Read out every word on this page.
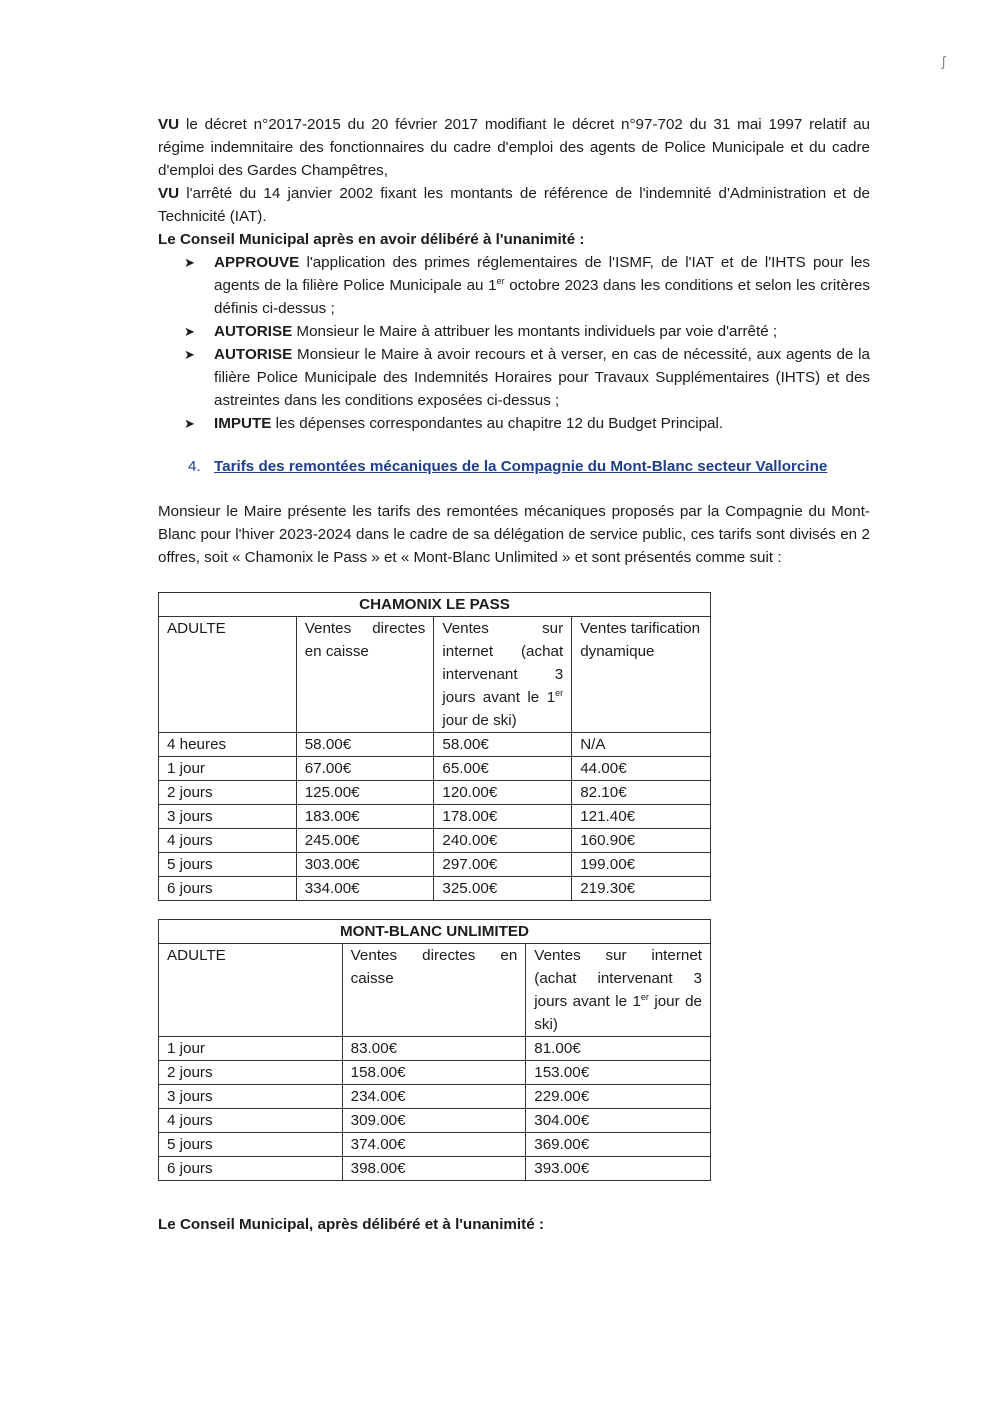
ʃ

VU le décret n°2017-2015 du 20 février 2017 modifiant le décret n°97-702 du 31 mai 1997 relatif au régime indemnitaire des fonctionnaires du cadre d'emploi des agents de Police Municipale et du cadre d'emploi des Gardes Champêtres,

VU l'arrêté du 14 janvier 2002 fixant les montants de référence de l'indemnité d'Administration et de Technicité (IAT).

Le Conseil Municipal après en avoir délibéré à l'unanimité :

➤ APPROUVE l'application des primes réglementaires de l'ISMF, de l'IAT et de l'IHTS pour les agents de la filière Police Municipale au 1er octobre 2023 dans les conditions et selon les critères définis ci-dessus ;
➤ AUTORISE Monsieur le Maire à attribuer les montants individuels par voie d'arrêté ;
➤ AUTORISE Monsieur le Maire à avoir recours et à verser, en cas de nécessité, aux agents de la filière Police Municipale des Indemnités Horaires pour Travaux Supplémentaires (IHTS) et des astreintes dans les conditions exposées ci-dessus ;
➤ IMPUTE les dépenses correspondantes au chapitre 12 du Budget Principal.
4. Tarifs des remontées mécaniques de la Compagnie du Mont-Blanc secteur Vallorcine

Monsieur le Maire présente les tarifs des remontées mécaniques proposés par la Compagnie du Mont-Blanc pour l'hiver 2023-2024 dans le cadre de sa délégation de service public, ces tarifs sont divisés en 2 offres, soit « Chamonix le Pass » et « Mont-Blanc Unlimited » et sont présentés comme suit :

CHAMONIX LE PASS			
ADULTE	Ventes directes en caisse	Ventes sur internet (achat intervenant 3 jours avant le 1er jour de ski)	Ventes tarification dynamique
4 heures	58.00€	58.00€	N/A
1 jour	67.00€	65.00€	44.00€
2 jours	125.00€	120.00€	82.10€
3 jours	183.00€	178.00€	121.40€
4 jours	245.00€	240.00€	160.90€
5 jours	303.00€	297.00€	199.00€
6 jours	334.00€	325.00€	219.30€
MONT-BLANC UNLIMITED		
ADULTE	Ventes directes en caisse	Ventes sur internet (achat intervenant 3 jours avant le 1er jour de ski)
1 jour	83.00€	81.00€
2 jours	158.00€	153.00€
3 jours	234.00€	229.00€
4 jours	309.00€	304.00€
5 jours	374.00€	369.00€
6 jours	398.00€	393.00€

Le Conseil Municipal, après délibéré et à l'unanimité :
